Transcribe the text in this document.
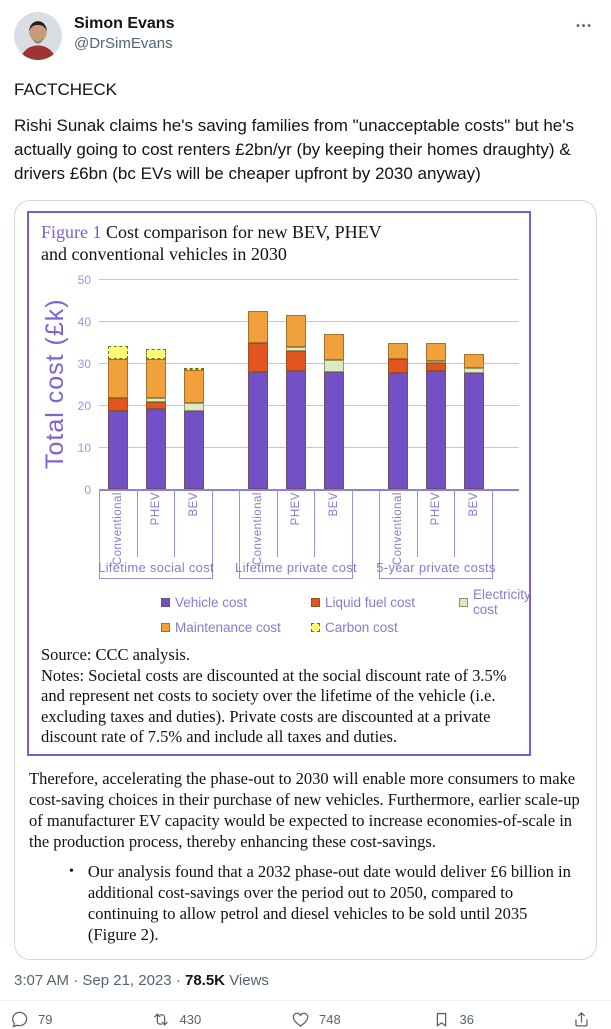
Simon Evans
@DrSimEvans
FACTCHECK
Rishi Sunak claims he's saving families from "unacceptable costs" but he's actually going to cost renters £2bn/yr (by keeping their homes draughty) & drivers £6bn (bc EVs will be cheaper upfront by 2030 anyway)
Figure 1 Cost comparison for new BEV, PHEV
and conventional vehicles in 2030
Total cost (£k)
0
10
20
30
40
50
Conventional PHEV BEV
Lifetime social cost
Conventional PHEV BEV
Lifetime private cost
Conventional PHEV BEV
5-year private costs
Vehicle cost	Liquid fuel cost	Electricity cost
Maintenance cost	Carbon cost

Source: CCC analysis.

Notes: Societal costs are discounted at the social discount rate of 3.5% and represent net costs to society over the lifetime of the vehicle (i.e. excluding taxes and duties). Private costs are discounted at a private discount rate of 7.5% and include all taxes and duties.

Therefore, accelerating the phase-out to 2030 will enable more consumers to make cost-saving choices in their purchase of new vehicles. Furthermore, earlier scale-up of manufacturer EV capacity would be expected to increase economies-of-scale in the production process, thereby enhancing these cost-savings.
• Our analysis found that a 2032 phase-out date would deliver £6 billion in additional cost-savings over the period out to 2050, compared to continuing to allow petrol and diesel vehicles to be sold until 2035 (Figure 2).
3:07 AM · Sep 21, 2023 · 78.5K Views
79	430	748	36
